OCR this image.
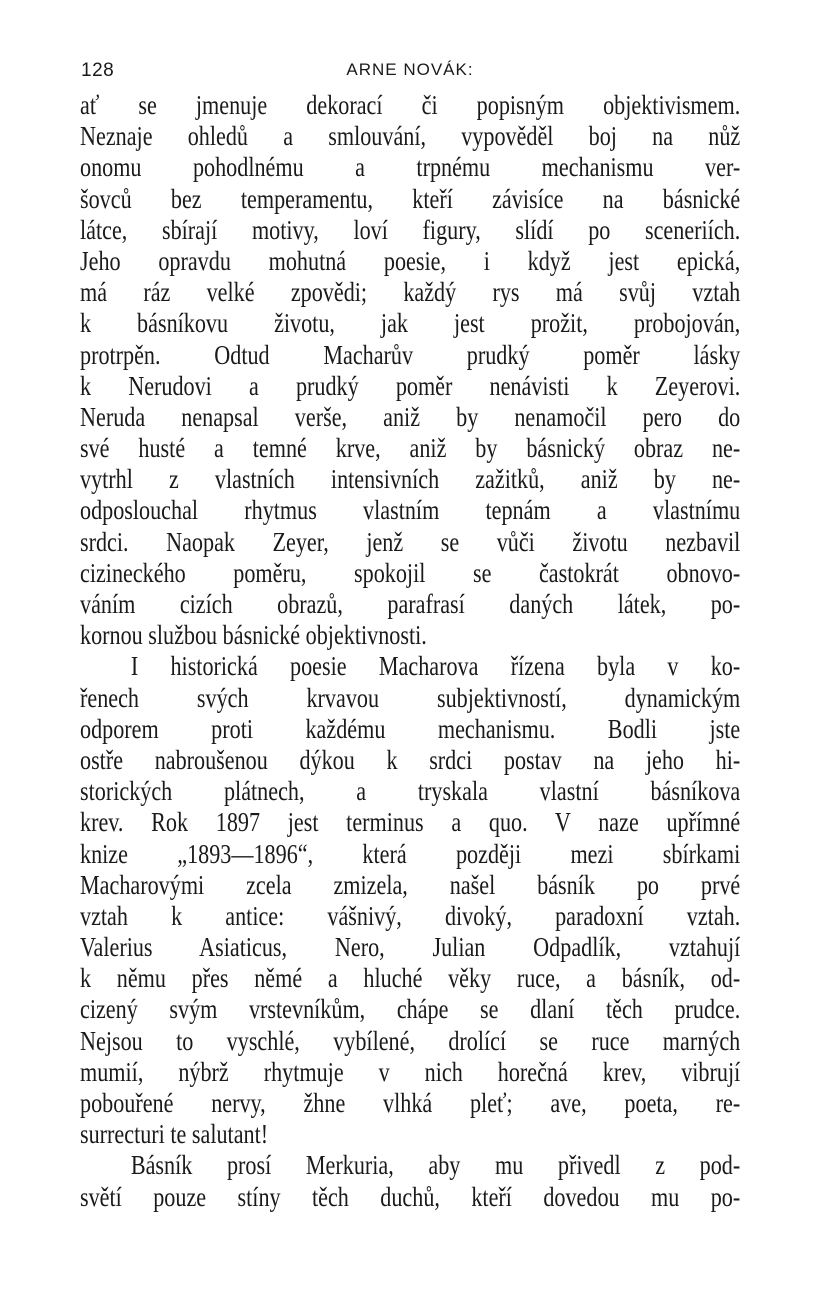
128	ARNE NOVÁK:
ať se jmenuje dekorací či popisným objektivismem.
Neznaje ohledů a smlouvání, vypověděl boj na nůž
onomu pohodlnému a trpnému mechanismu ver-
šovců bez temperamentu, kteří závisíce na básnické
látce, sbírají motivy, loví figury, slídí po sceneriích.
Jeho opravdu mohutná poesie, i když jest epická,
má ráz velké zpovědi; každý rys má svůj vztah
k básníkovu životu, jak jest prožit, probojován,
protrpěn. Odtud Macharův prudký poměr lásky
k Nerudovi a prudký poměr nenávisti k Zeyerovi.
Neruda nenapsal verše, aniž by nenamočil pero do
své husté a temné krve, aniž by básnický obraz ne-
vytrhl z vlastních intensivních zažitků, aniž by ne-
odposlouchal rhytmus vlastním tepnám a vlastnímu
srdci. Naopak Zeyer, jenž se vůči životu nezbavil
cizineckého poměru, spokojil se častokrát obnovo-
váním cizích obrazů, parafrasí daných látek, po-
kornou službou básnické objektivnosti.
I historická poesie Macharova řízena byla v ko-
řenech svých krvavou subjektivností, dynamickým
odporem proti každému mechanismu. Bodli jste
ostře nabroušenou dýkou k srdci postav na jeho hi-
storických plátnech, a tryskala vlastní básníkova
krev. Rok 1897 jest terminus a quo. V naze upřímné
knize „1893—1896“, která později mezi sbírkami
Macharovými zcela zmizela, našel básník po prvé
vztah k antice: vášnivý, divoký, paradoxní vztah.
Valerius Asiaticus, Nero, Julian Odpadlík, vztahují
k němu přes němé a hluché věky ruce, a básník, od-
cizený svým vrstevníkům, chápe se dlaní těch prudce.
Nejsou to vyschlé, vybílené, drolící se ruce marných
mumií, nýbrž rhytmuje v nich horečná krev, vibrují
pobouřené nervy, žhne vlhká pleť; ave, poeta, re-
surrecturi te salutant!
Básník prosí Merkuria, aby mu přivedl z pod-
světí pouze stíny těch duchů, kteří dovedou mu po-
